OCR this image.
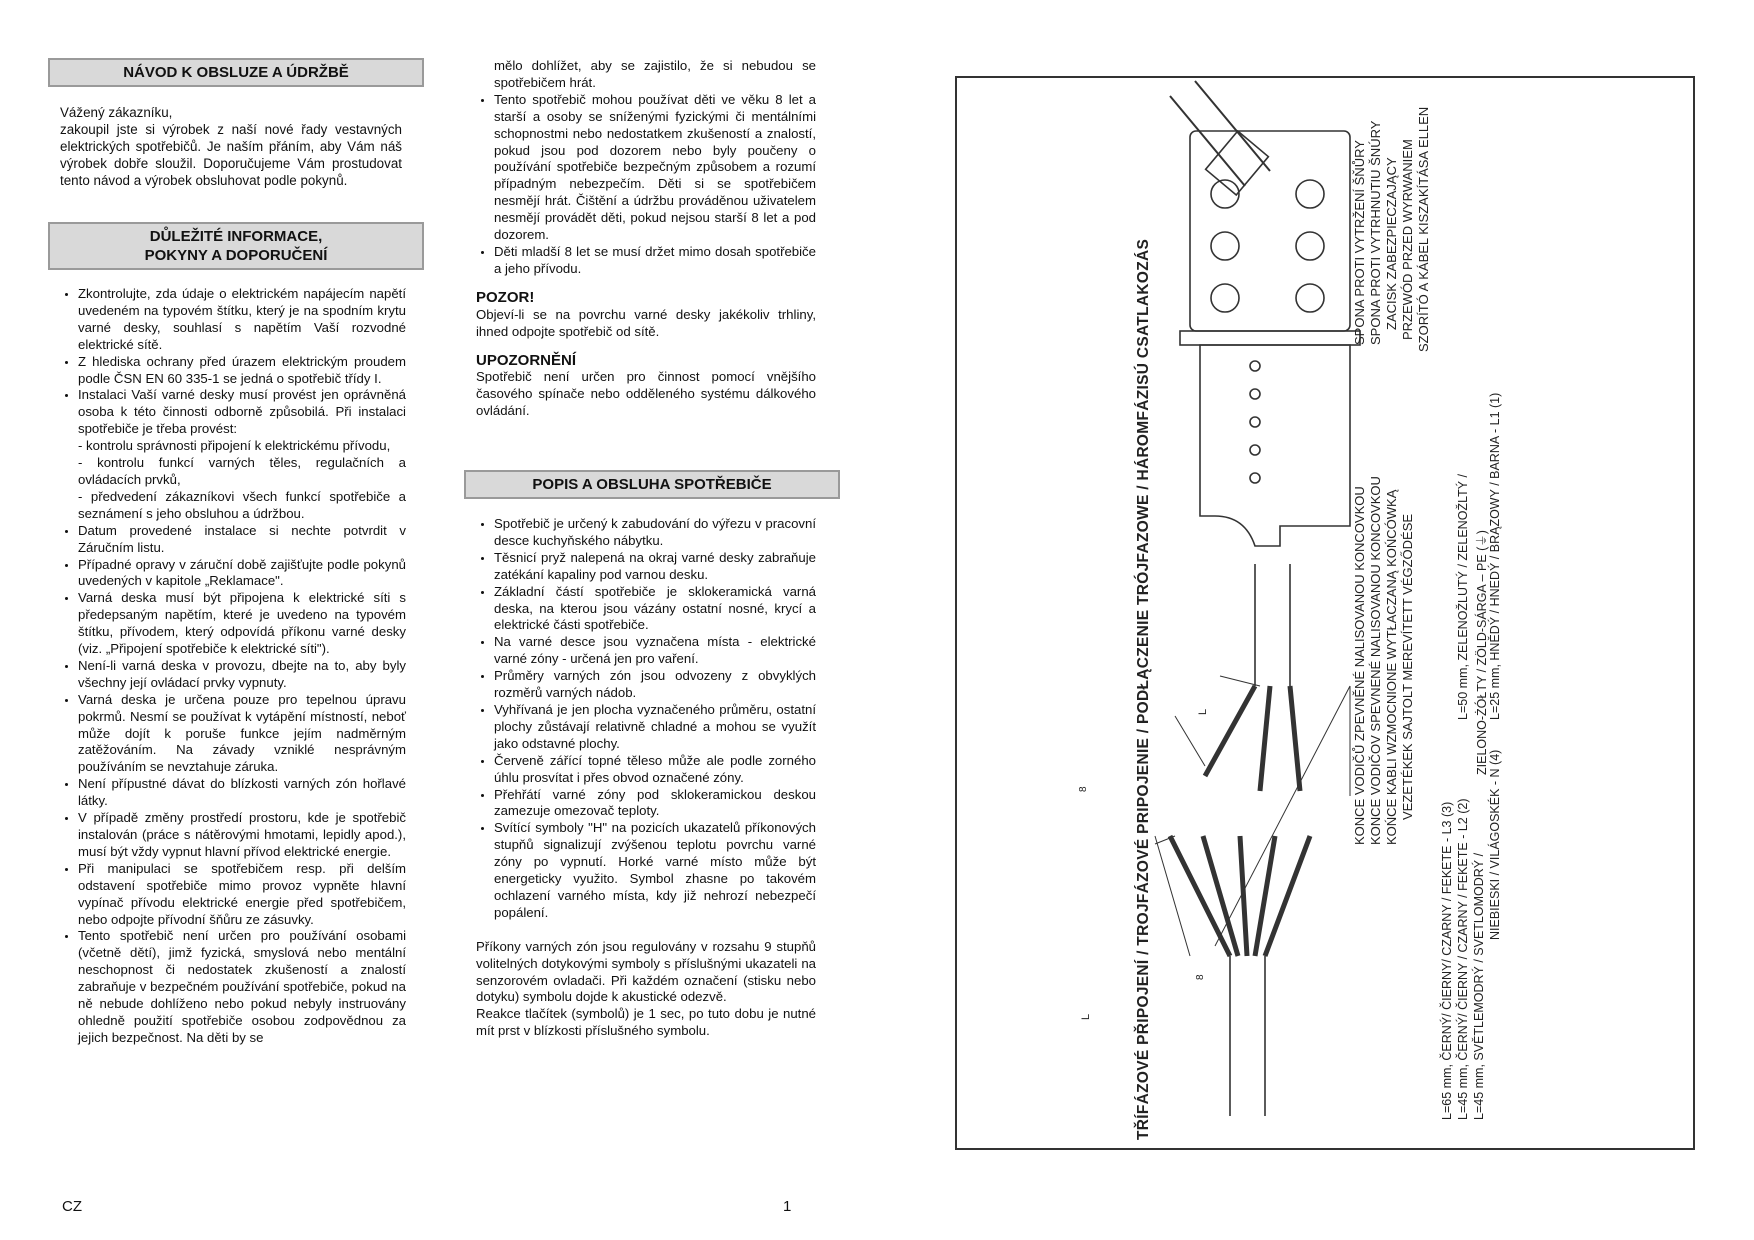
NÁVOD K OBSLUZE A ÚDRŽBĚ

Vážený zákazníku,

zakoupil jste si výrobek z naší nové řady vestavných elektrických spotřebičů. Je naším přáním, aby Vám náš výrobek dobře sloužil. Doporučujeme Vám prostudovat tento návod a výrobek obsluhovat podle pokynů.

DŮLEŽITÉ INFORMACE,
POKYNY A DOPORUČENÍ
• Zkontrolujte, zda údaje o elektrickém napájecím napětí uvedeném na typovém štítku, který je na spodním krytu varné desky, souhlasí s napětím Vaší rozvodné elektrické sítě.
• Z hlediska ochrany před úrazem elektrickým proudem podle ČSN EN 60 335-1 se jedná o spotřebič třídy I.
• Instalaci Vaší varné desky musí provést jen oprávněná osoba k této činnosti odborně způsobilá. Při instalaci spotřebiče je třeba provést:
- kontrolu správnosti připojení k elektrickému přívodu,
- kontrolu funkcí varných těles, regulačních a ovládacích prvků,
- předvedení zákazníkovi všech funkcí spotřebiče a seznámení s jeho obsluhou a údržbou.
• Datum provedené instalace si nechte potvrdit v Záručním listu.
• Případné opravy v záruční době zajišťujte podle pokynů uvedených v kapitole „Reklamace".
• Varná deska musí být připojena k elektrické síti s předepsaným napětím, které je uvedeno na typovém štítku, přívodem, který odpovídá příkonu varné desky (viz. „Připojení spotřebiče k elektrické síti").
• Není-li varná deska v provozu, dbejte na to, aby byly všechny její ovládací prvky vypnuty.
• Varná deska je určena pouze pro tepelnou úpravu pokrmů. Nesmí se používat k vytápění místností, neboť může dojít k poruše funkce jejím nadměrným zatěžováním. Na závady vzniklé nesprávným používáním se nevztahuje záruka.
• Není přípustné dávat do blízkosti varných zón hořlavé látky.
• V případě změny prostředí prostoru, kde je spotřebič instalován (práce s nátěrovými hmotami, lepidly apod.), musí být vždy vypnut hlavní přívod elektrické energie.
• Při manipulaci se spotřebičem resp. při delším odstavení spotřebiče mimo provoz vypněte hlavní vypínač přívodu elektrické energie před spotřebičem, nebo odpojte přívodní šňůru ze zásuvky.
• Tento spotřebič není určen pro používání osobami (včetně dětí), jimž fyzická, smyslová nebo mentální neschopnost či nedostatek zkušeností a znalostí zabraňuje v bezpečném používání spotřebiče, pokud na ně nebude dohlíženo nebo pokud nebyly instruovány ohledně použití spotřebiče osobou zodpovědnou za jejich bezpečnost. Na děti by se

mělo dohlížet, aby se zajistilo, že si nebudou se spotřebičem hrát.

• Tento spotřebič mohou používat děti ve věku 8 let a starší a osoby se sníženými fyzickými či mentálními schopnostmi nebo nedostatkem zkušeností a znalostí, pokud jsou pod dozorem nebo byly poučeny o používání spotřebiče bezpečným způsobem a rozumí případným nebezpečím. Děti si se spotřebičem nesmějí hrát. Čištění a údržbu prováděnou uživatelem nesmějí provádět děti, pokud nejsou starší 8 let a pod dozorem.
• Děti mladší 8 let se musí držet mimo dosah spotřebiče a jeho přívodu.
POZOR!

Objeví-li se na povrchu varné desky jakékoliv trhliny, ihned odpojte spotřebič od sítě.

UPOZORNĚNÍ

Spotřebič není určen pro činnost pomocí vnějšího časového spínače nebo odděleného systému dálkového ovládání.

POPIS A OBSLUHA SPOTŘEBIČE
• Spotřebič je určený k zabudování do výřezu v pracovní desce kuchyňského nábytku.
• Těsnicí pryž nalepená na okraj varné desky zabraňuje zatékání kapaliny pod varnou desku.
• Základní částí spotřebiče je sklokeramická varná deska, na kterou jsou vázány ostatní nosné, krycí a elektrické části spotřebiče.
• Na varné desce jsou vyznačena místa - elektrické varné zóny - určená jen pro vaření.
• Průměry varných zón jsou odvozeny z obvyklých rozměrů varných nádob.
• Vyhřívaná je jen plocha vyznačeného průměru, ostatní plochy zůstávají relativně chladné a mohou se využít jako odstavné plochy.
• Červeně zářící topné těleso může ale podle zorného úhlu prosvítat i přes obvod označené zóny.
• Přehřátí varné zóny pod sklokeramickou deskou zamezuje omezovač teploty.
• Svítící symboly "H" na pozicích ukazatelů příkonových stupňů signalizují zvýšenou teplotu povrchu varné zóny po vypnutí. Horké varné místo může být energeticky využito. Symbol zhasne po takovém ochlazení varného místa, kdy již nehrozí nebezpečí popálení.

Příkony varných zón jsou regulovány v rozsahu 9 stupňů volitelných dotykovými symboly s příslušnými ukazateli na senzorovém ovladači. Při každém označení (stisku nebo dotyku) symbolu dojde k akustické odezvě.

Reakce tlačítek (symbolů) je 1 sec, po tuto dobu je nutné mít prst v blízkosti příslušného symbolu.	TŘÍFÁZOVÉ PŘIPOJENÍ / TROJFÁZOVÉ PRIPOJENIE / PODŁĄCZENIE TRÓJFAZOWE / HÁROMFÁZISÚ CSATLAKOZÁS
8
L
8
L
SPONA PROTI VYTRŽENÍ ŠŇŮRY SPONA PROTI VYTRHNUTIU ŠNÚRY ZACISK ZABEZPIECZAJĄCY PRZEWÓD PRZED WYRWANIEM SZORÍTÓ A KÁBEL KISZAKÍTÁSA ELLEN
KONCE VODIČŮ ZPEVNĚNÉ NALISOVANOU KONCOVKOU KONCE VODIČOV SPEVNENÉ NALISOVANOU KONCOVKOU KOŃCE KABLI WZMOCNIONE WYTŁACZANĄ KOŃCÓWKĄ VEZETÉKEK SAJTOLT MEREVÍTETT VÉGZŐDÉSE
L=65 mm, ČERNÝ/ ČIERNY/ CZARNY / FEKETE - L3 (3) L=45 mm, ČERNÝ/ ČIERNY / CZARNY / FEKETE - L2 (2) L=45 mm, SVĚTLEMODRÝ / SVETLOMODRÝ /
NIEBIESKI / VILÁGOSKÉK - N (4)
L=50 mm, ZELENOŽLUTÝ / ZELENOŽLTÝ / ZIELONO-ŻÓŁTY / ZÖLD-SÁRGA – PE (⏚) L=25 mm, HNĚDÝ / HNEDÝ / BRĄZOWY / BARNA - L1 (1)
CZ	1
